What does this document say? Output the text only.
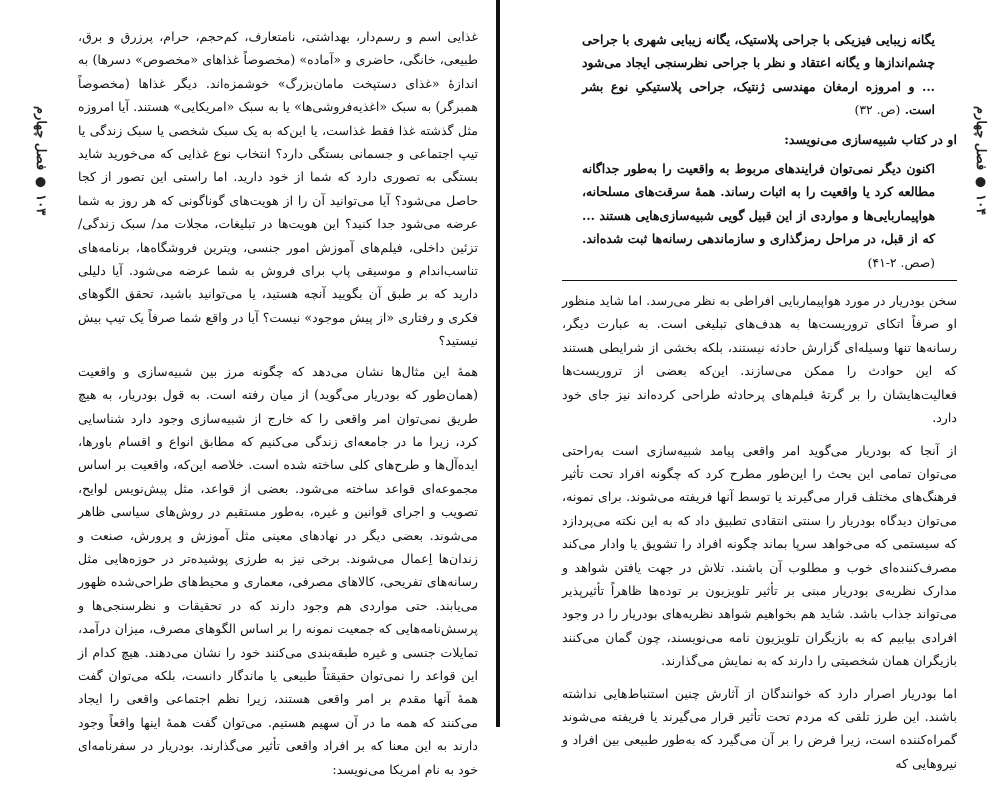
۱۰۳ ● فصل چهارم

غذایی اسم و رسم‌دار، بهداشتی، نامتعارف، کم‌حجم، حرام، پرزرق و برق، طبیعی، خانگی، حاضری و «آماده» (مخصوصاً غذاهای «مخصوص» دسرها) به اندازهٔ «غذای دستپخت مامان‌بزرگ» خوشمزه‌اند. دیگر غذاها (مخصوصاً همبرگر) به سبک «اغذیه‌فروشی‌ها» یا به سبک «امریکایی» هستند. آیا امروزه مثل گذشته غذا فقط غذاست، یا این‌که به یک سبک شخصی یا سبک زندگی یا تیپ اجتماعی و جسمانی بستگی دارد؟ انتخاب نوع غذایی که می‌خورید شاید بستگی به تصوری دارد که شما از خود دارید. اما راستی این تصور از کجا حاصل می‌شود؟ آیا می‌توانید آن را از هویت‌های گوناگونی که هر روز به شما عرضه می‌شود جدا کنید؟ این هویت‌ها در تبلیغات، مجلات مد/ سبک زندگی/ تزئین داخلی، فیلم‌های آموزش امور جنسی، ویترین فروشگاه‌ها، برنامه‌های تناسب‌اندام و موسیقی پاپ برای فروش به شما عرضه می‌شود. آیا دلیلی دارید که بر طبق آن بگویید آنچه هستید، یا می‌توانید باشید، تحقق الگوهای فکری و رفتاری «از پیش موجود» نیست؟ آیا در واقع شما صرفاً یک تیپ بیش نیستید؟

همهٔ این مثال‌ها نشان می‌دهد که چگونه مرز بین شبیه‌سازی و واقعیت (همان‌طور که بودریار می‌گوید) از میان رفته است. به قول بودریار، به هیچ طریق نمی‌توان امر واقعی را که خارج از شبیه‌سازی وجود دارد شناسایی کرد، زیرا ما در جامعه‌ای زندگی می‌کنیم که مطابق انواع و اقسام باورها، ایده‌آل‌ها و طرح‌های کلی ساخته شده است. خلاصه این‌که، واقعیت بر اساس مجموعه‌ای قواعد ساخته می‌شود. بعضی از قواعد، مثل پیش‌نویس لوایح، تصویب و اجرای قوانین و غیره، به‌طور مستقیم در روش‌های سیاسی ظاهر می‌شوند. بعضی دیگر در نهادهای معینی مثل آموزش و پرورش، صنعت و زندان‌ها اِعمال می‌شوند. برخی نیز به طرزی پوشیده‌تر در حوزه‌هایی مثل رسانه‌های تفریحی، کالاهای مصرفی، معماری و محیط‌های طراحی‌شده ظهور می‌یابند. حتی مواردی هم وجود دارند که در تحقیقات و نظرسنجی‌ها و پرسش‌نامه‌هایی که جمعیت نمونه را بر اساس الگوهای مصرف، میزان درآمد، تمایلات جنسی و غیره طبقه‌بندی می‌کنند خود را نشان می‌دهند. هیچ کدام از این قواعد را نمی‌توان حقیقتاً طبیعی یا ماندگار دانست، بلکه می‌توان گفت همهٔ آنها مقدم بر امر واقعی هستند، زیرا نظم اجتماعی واقعی را ایجاد می‌کنند که همه ما در آن سهیم هستیم. می‌توان گفت همهٔ اینها واقعاً وجود دارند به این معنا که بر افراد واقعی تأثیر می‌گذارند. بودریار در سفرنامه‌ای خود به نام امریکا می‌نویسد:

۱۰۴ ● فصل چهارم
یگانه زیبایی فیزیکی با جراحی پلاستیک، یگانه زیبایی شهری با جراحی چشم‌اندازها و یگانه اعتقاد و نظر با جراحی نظرسنجی ایجاد می‌شود ... و امروزه ارمغان مهندسی ژنتیک، جراحی پلاستیکیِ نوع بشر است. (ص. ۳۲)
او در کتاب شبیه‌سازی می‌نویسد:
اکنون دیگر نمی‌توان فرایندهای مربوط به واقعیت را به‌طور جداگانه مطالعه کرد یا واقعیت را به اثبات رساند. همهٔ سرقت‌های مسلحانه، هواپیماربایی‌ها و مواردی از این قبیل گویی شبیه‌سازی‌هایی هستند ... که از قبل، در مراحل رمزگذاری و سازماندهی رسانه‌ها ثبت شده‌اند. (صص. ۲-۴۱)

سخن بودریار در مورد هواپیماربایی افراطی به نظر می‌رسد. اما شاید منظور او صرفاً اتکای تروریست‌ها به هدف‌های تبلیغی است. به عبارت دیگر، رسانه‌ها تنها وسیله‌ای گزارش حادثه نیستند، بلکه بخشی از شرایطی هستند که این حوادث را ممکن می‌سازند. این‌که بعضی از تروریست‌ها فعالیت‌هایشان را بر گرتهٔ فیلم‌های پرحادثه طراحی کرده‌اند نیز جای خود دارد.

از آنجا که بودریار می‌گوید امر واقعی پیامد شبیه‌سازی است به‌راحتی می‌توان تمامی این بحث را این‌طور مطرح کرد که چگونه افراد تحت تأثیر فرهنگ‌های مختلف قرار می‌گیرند یا توسط آنها فریفته می‌شوند. برای نمونه، می‌توان دیدگاه بودریار را سنتی انتقادی تطبیق داد که به این نکته می‌پردازد که سیستمی که می‌خواهد سرپا بماند چگونه افراد را تشویق یا وادار می‌کند مصرف‌کننده‌ای خوب و مطلوب آن باشند. تلاش در جهت یافتن شواهد و مدارک نظریه‌ی بودریار مبنی بر تأثیر تلویزیون بر توده‌ها ظاهراً تأثیرپذیر می‌تواند جذاب باشد. شاید هم بخواهیم شواهد نظریه‌های بودریار را در وجود افرادی بیابیم که به بازیگران تلویزیون نامه می‌نویسند، چون گمان می‌کنند بازیگران همان شخصیتی را دارند که به نمایش می‌گذارند.

اما بودریار اصرار دارد که خوانندگان از آثارش چنین استنباط‌هایی نداشته باشند. این طرز تلقی که مردم تحت تأثیر قرار می‌گیرند یا فریفته می‌شوند گمراه‌کننده است، زیرا فرض را بر آن می‌گیرد که به‌طور طبیعی بین افراد و نیروهایی که
